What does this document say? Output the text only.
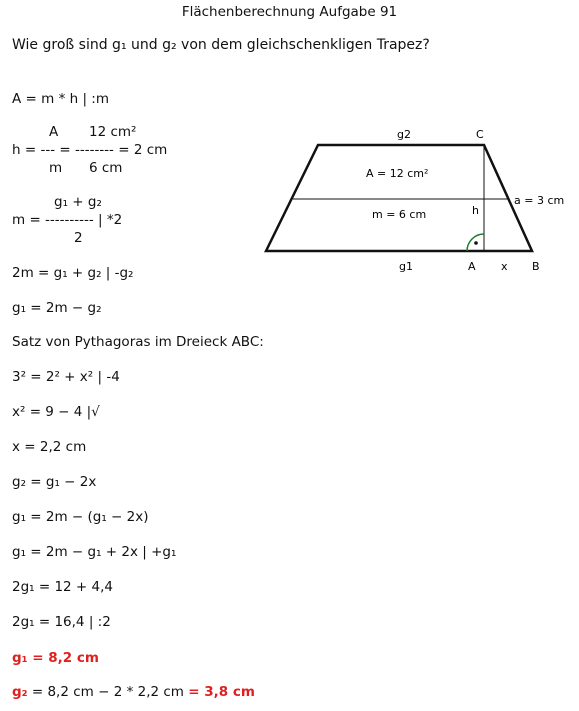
Flächenberechnung Aufgabe 91
Wie groß sind g₁ und g₂ von dem gleichschenkligen Trapez?
A = m * h | :m
A 12 cm²
h = --- = -------- = 2 cm
m 6 cm
g₁ + g₂
m = ---------- | *2
2
2m = g₁ + g₂ | -g₂
g₁ = 2m − g₂
Satz von Pythagoras im Dreieck ABC:
3² = 2² + x² | -4
x² = 9 − 4 |√
x = 2,2 cm
g₂ = g₁ − 2x
g₁ = 2m − (g₁ − 2x)
g₁ = 2m − g₁ + 2x | +g₁
2g₁ = 12 + 4,4
2g₁ = 16,4 | :2
g₁ = 8,2 cm
g₂ = 8,2 cm − 2 * 2,2 cm = 3,8 cm
g2	C
A = 12 cm²
a = 3 cm
m = 6 cm	h
g1	A x B
